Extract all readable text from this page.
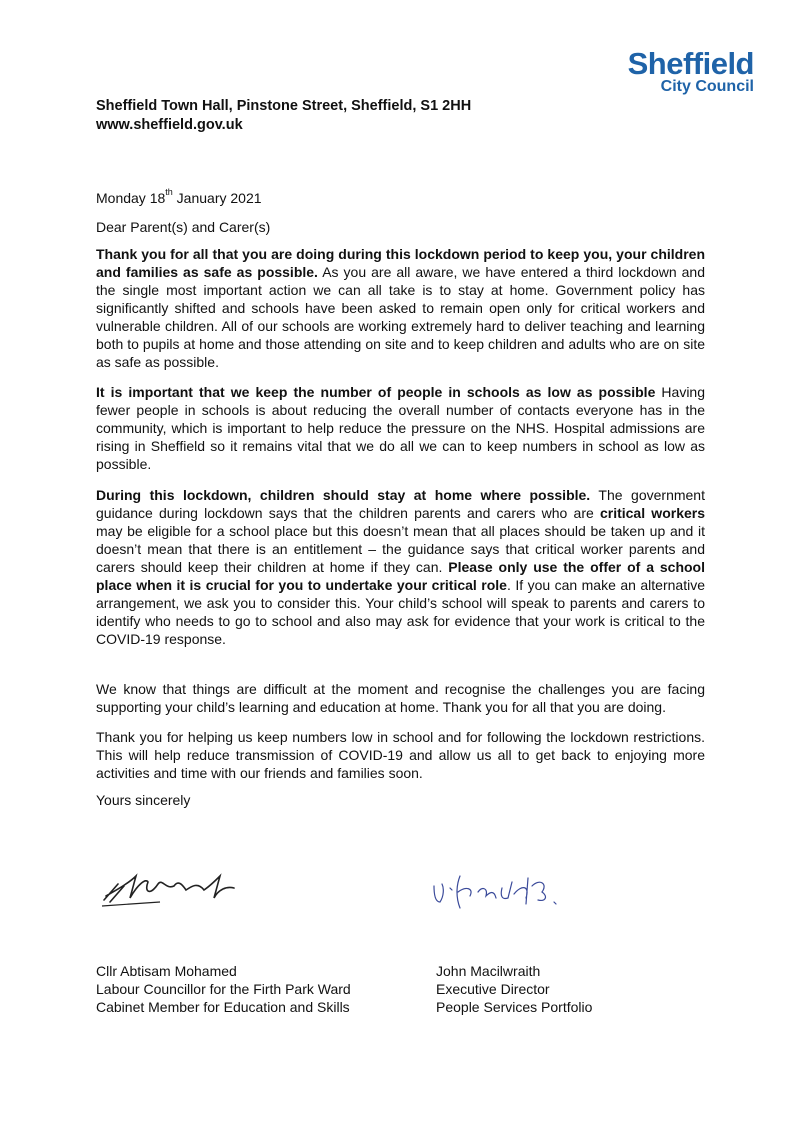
Sheffield
City Council
Sheffield Town Hall, Pinstone Street, Sheffield, S1 2HH
www.sheffield.gov.uk
Monday 18th January 2021
Dear Parent(s) and Carer(s)

Thank you for all that you are doing during this lockdown period to keep you, your children and families as safe as possible. As you are all aware, we have entered a third lockdown and the single most important action we can all take is to stay at home. Government policy has significantly shifted and schools have been asked to remain open only for critical workers and vulnerable children. All of our schools are working extremely hard to deliver teaching and learning both to pupils at home and those attending on site and to keep children and adults who are on site as safe as possible.

It is important that we keep the number of people in schools as low as possible Having fewer people in schools is about reducing the overall number of contacts everyone has in the community, which is important to help reduce the pressure on the NHS. Hospital admissions are rising in Sheffield so it remains vital that we do all we can to keep numbers in school as low as possible.

During this lockdown, children should stay at home where possible. The government guidance during lockdown says that the children parents and carers who are critical workers may be eligible for a school place but this doesn’t mean that all places should be taken up and it doesn’t mean that there is an entitlement – the guidance says that critical worker parents and carers should keep their children at home if they can. Please only use the offer of a school place when it is crucial for you to undertake your critical role. If you can make an alternative arrangement, we ask you to consider this. Your child’s school will speak to parents and carers to identify who needs to go to school and also may ask for evidence that your work is critical to the COVID-19 response.

We know that things are difficult at the moment and recognise the challenges you are facing supporting your child’s learning and education at home. Thank you for all that you are doing.

Thank you for helping us keep numbers low in school and for following the lockdown restrictions. This will help reduce transmission of COVID-19 and allow us all to get back to enjoying more activities and time with our friends and families soon.

Yours sincerely
Cllr Abtisam Mohamed
Labour Councillor for the Firth Park Ward
Cabinet Member for Education and Skills
John Macilwraith
Executive Director
People Services Portfolio
